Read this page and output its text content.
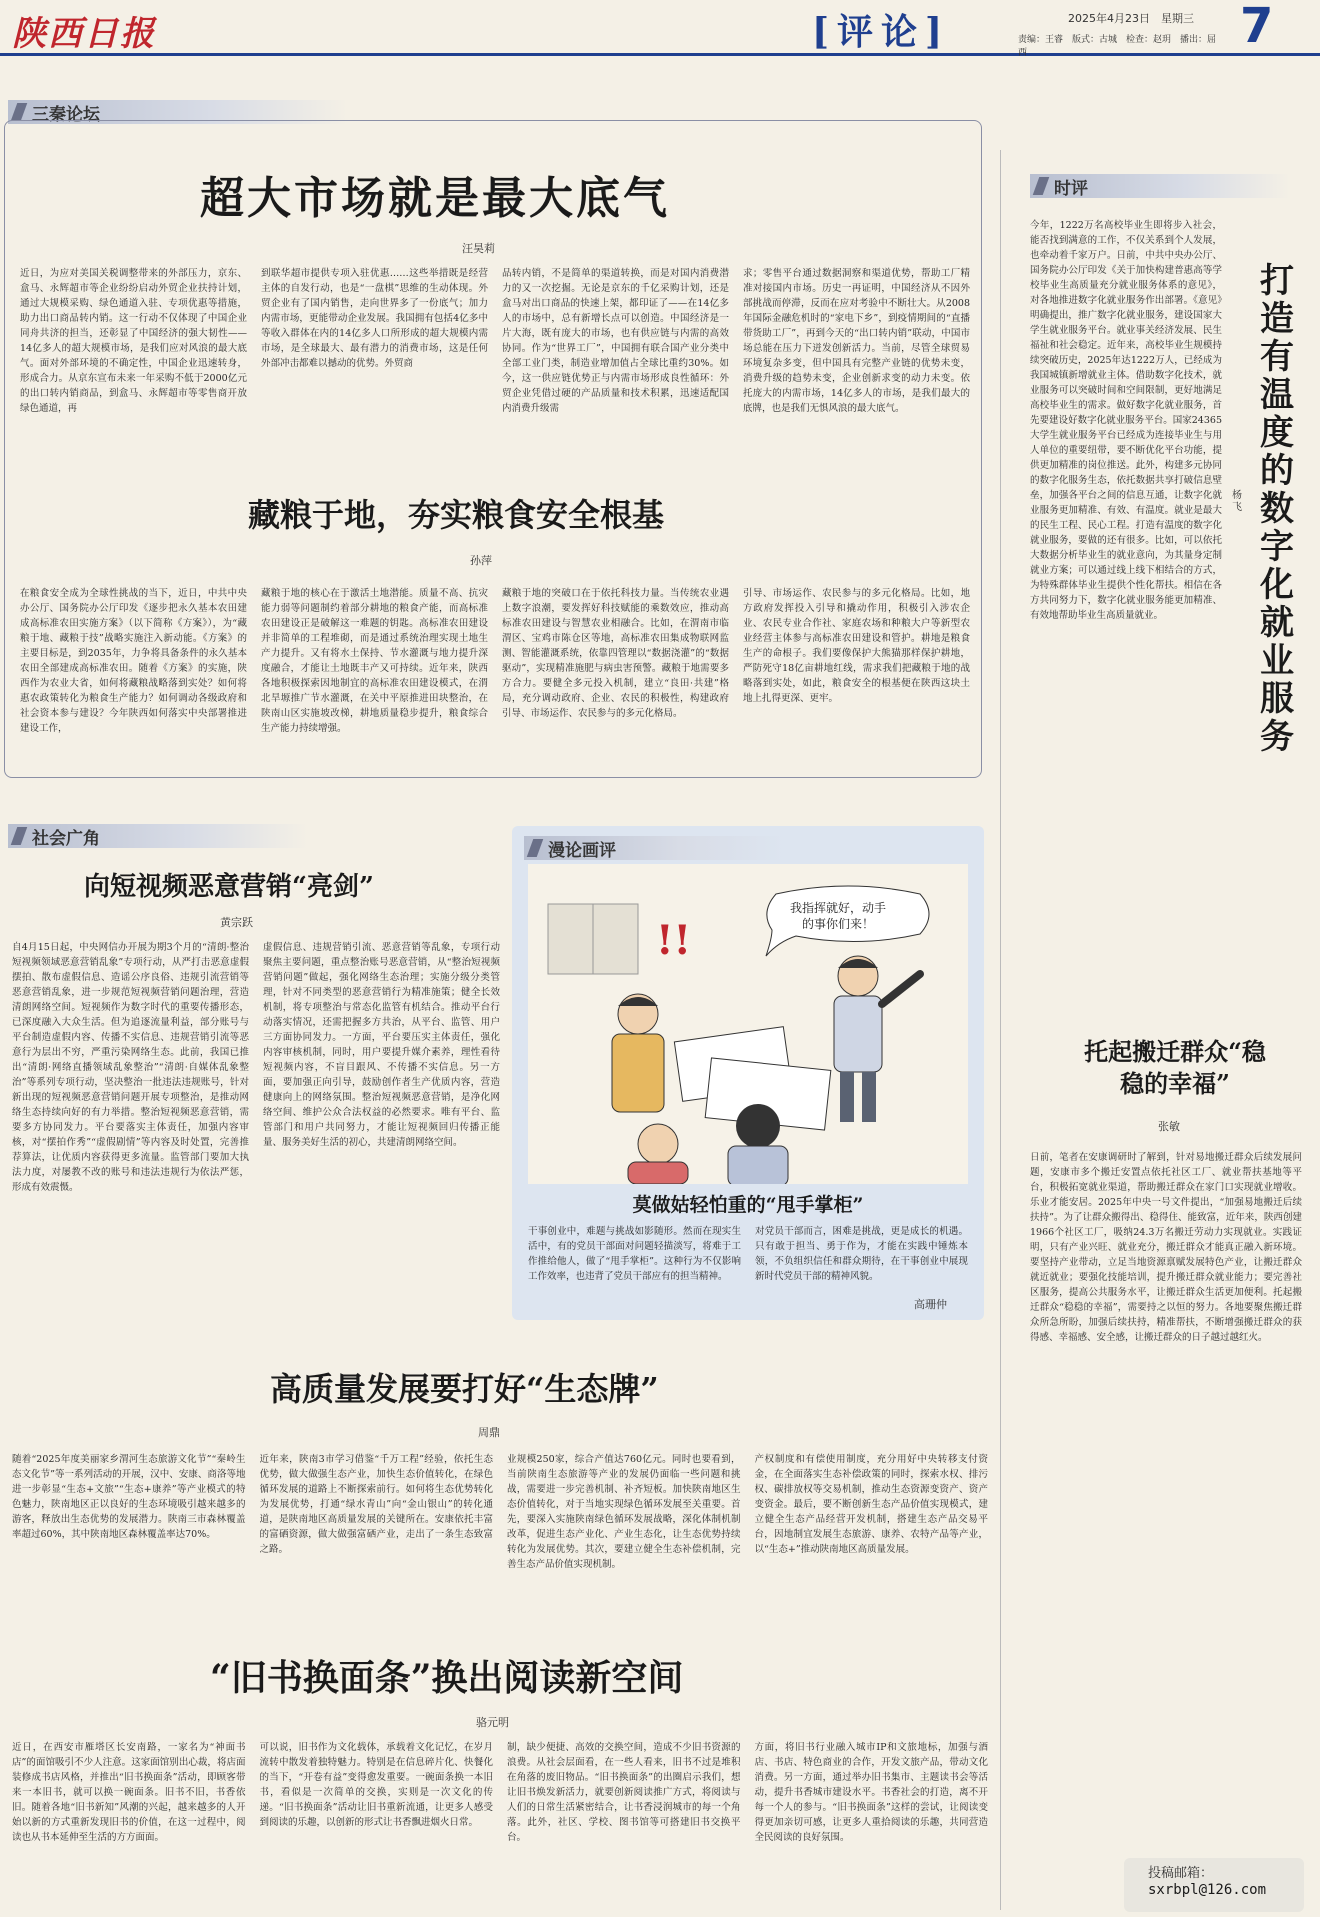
陕西日报	[评论]	2025年4月23日　星期三
责编：王睿　版式：古城　检查：赵玥　播出：屈西	7
三秦论坛
超大市场就是最大底气
汪昊莉

近日，为应对美国关税调整带来的外部压力，京东、盒马、永辉超市等企业纷纷启动外贸企业扶持计划，通过大规模采购、绿色通道入驻、专项优惠等措施，助力出口商品转内销。这一行动不仅体现了中国企业同舟共济的担当，还彰显了中国经济的强大韧性——14亿多人的超大规模市场，是我们应对风浪的最大底气。面对外部环境的不确定性，中国企业迅速转身，形成合力。从京东宣布未来一年采购不低于2000亿元的出口转内销商品，到盒马、永辉超市等零售商开放绿色通道，再

到联华超市提供专项入驻优惠……这些举措既是经营主体的自发行动，也是“一盘棋”思维的生动体现。外贸企业有了国内销售，走向世界多了一份底气；加力内需市场，更能带动企业发展。我国拥有包括4亿多中等收入群体在内的14亿多人口所形成的超大规模内需市场，是全球最大、最有潜力的消费市场，这是任何外部冲击都难以撼动的优势。外贸商

品转内销，不是简单的渠道转换，而是对国内消费潜力的又一次挖掘。无论是京东的千亿采购计划，还是盒马对出口商品的快速上架，都印证了——在14亿多人的市场中，总有新增长点可以创造。中国经济是一片大海，既有庞大的市场，也有供应链与内需的高效协同。作为“世界工厂”，中国拥有联合国产业分类中全部工业门类，制造业增加值占全球比重约30%。如今，这一供应链优势正与内需市场形成良性循环：外贸企业凭借过硬的产品质量和技术积累，迅速适配国内消费升级需

求；零售平台通过数据洞察和渠道优势，帮助工厂精准对接国内市场。历史一再证明，中国经济从不因外部挑战而停滞，反而在应对考验中不断壮大。从2008年国际金融危机时的“家电下乡”，到疫情期间的“直播带货助工厂”，再到今天的“出口转内销”联动，中国市场总能在压力下迸发创新活力。当前，尽管全球贸易环境复杂多变，但中国具有完整产业链的优势未变，消费升级的趋势未变，企业创新求变的动力未变。依托庞大的内需市场，14亿多人的市场，是我们最大的底牌，也是我们无惧风浪的最大底气。

藏粮于地，夯实粮食安全根基
孙萍

在粮食安全成为全球性挑战的当下，近日，中共中央办公厅、国务院办公厅印发《逐步把永久基本农田建成高标准农田实施方案》（以下简称《方案》），为“藏粮于地、藏粮于技”战略实施注入新动能。《方案》的主要目标是，到2035年，力争将具备条件的永久基本农田全部建成高标准农田。随着《方案》的实施，陕西作为农业大省，如何将藏粮战略落到实处？如何将惠农政策转化为粮食生产能力？如何调动各级政府和社会资本参与建设？今年陕西如何落实中央部署推进建设工作，

藏粮于地的核心在于激活土地潜能。质量不高、抗灾能力弱等问题制约着部分耕地的粮食产能，而高标准农田建设正是破解这一难题的钥匙。高标准农田建设并非简单的工程堆砌，而是通过系统治理实现土地生产力提升。又有将水土保持、节水灌溉与地力提升深度融合，才能让土地既丰产又可持续。近年来，陕西各地积极探索因地制宜的高标准农田建设模式，在渭北旱塬推广节水灌溉，在关中平原推进田块整治，在陕南山区实施坡改梯，耕地质量稳步提升，粮食综合生产能力持续增强。

藏粮于地的突破口在于依托科技力量。当传统农业遇上数字浪潮，要发挥好科技赋能的乘数效应，推动高标准农田建设与智慧农业相融合。比如，在渭南市临渭区、宝鸡市陈仓区等地，高标准农田集成物联网监测、智能灌溉系统，依靠四管理以“数据浇灌”的“数据驱动”，实现精准施肥与病虫害预警。藏粮于地需要多方合力。要健全多元投入机制，建立“良田·共建”格局，充分调动政府、企业、农民的积极性，构建政府引导、市场运作、农民参与的多元化格局。

引导、市场运作、农民参与的多元化格局。比如，地方政府发挥投入引导和撬动作用，积极引入涉农企业、农民专业合作社、家庭农场和种粮大户等新型农业经营主体参与高标准农田建设和管护。耕地是粮食生产的命根子。我们要像保护大熊猫那样保护耕地，严防死守18亿亩耕地红线，需求我们把藏粮于地的战略落到实处，如此，粮食安全的根基便在陕西这块土地上扎得更深、更牢。

时评
打造有温度的数字化就业服务
杨飞

今年，1222万名高校毕业生即将步入社会，能否找到满意的工作，不仅关系到个人发展，也牵动着千家万户。日前，中共中央办公厅、国务院办公厅印发《关于加快构建普惠高等学校毕业生高质量充分就业服务体系的意见》，对各地推进数字化就业服务作出部署。《意见》明确提出，推广数字化就业服务，建设国家大学生就业服务平台。就业事关经济发展、民生福祉和社会稳定。近年来，高校毕业生规模持续突破历史，2025年达1222万人，已经成为我国城镇新增就业主体。借助数字化技术，就业服务可以突破时间和空间限制，更好地满足高校毕业生的需求。做好数字化就业服务，首先要建设好数字化就业服务平台。国家24365大学生就业服务平台已经成为连接毕业生与用人单位的重要纽带，要不断优化平台功能，提供更加精准的岗位推送。此外，构建多元协同的数字化服务生态，依托数据共享打破信息壁垒，加强各平台之间的信息互通，让数字化就业服务更加精准、有效、有温度。就业是最大的民生工程、民心工程。打造有温度的数字化就业服务，要做的还有很多。比如，可以依托大数据分析毕业生的就业意向，为其量身定制就业方案；可以通过线上线下相结合的方式，为特殊群体毕业生提供个性化帮扶。相信在各方共同努力下，数字化就业服务能更加精准、有效地帮助毕业生高质量就业。

托起搬迁群众“稳稳的幸福”
张敏

日前，笔者在安康调研时了解到，针对易地搬迁群众后续发展问题，安康市多个搬迁安置点依托社区工厂、就业帮扶基地等平台，积极拓宽就业渠道，帮助搬迁群众在家门口实现就业增收。乐业才能安居。2025年中央一号文件提出，“加强易地搬迁后续扶持”。为了让群众搬得出、稳得住、能致富，近年来，陕西创建1966个社区工厂，吸纳24.3万名搬迁劳动力实现就业。实践证明，只有产业兴旺、就业充分，搬迁群众才能真正融入新环境。要坚持产业带动，立足当地资源禀赋发展特色产业，让搬迁群众就近就业；要强化技能培训，提升搬迁群众就业能力；要完善社区服务，提高公共服务水平，让搬迁群众生活更加便利。托起搬迁群众“稳稳的幸福”，需要持之以恒的努力。各地要聚焦搬迁群众所急所盼，加强后续扶持，精准帮扶，不断增强搬迁群众的获得感、幸福感、安全感，让搬迁群众的日子越过越红火。

投稿邮箱：
sxrbpl@126.com
社会广角
向短视频恶意营销“亮剑”
黄宗跃

自4月15日起，中央网信办开展为期3个月的“清朗·整治短视频领域恶意营销乱象”专项行动，从严打击恶意虚假摆拍、散布虚假信息、造谣公序良俗、违规引流营销等恶意营销乱象，进一步规范短视频营销问题治理，营造清朗网络空间。短视频作为数字时代的重要传播形态，已深度融入大众生活。但为追逐流量利益，部分账号与平台制造虚假内容、传播不实信息、违规营销引流等恶意行为层出不穷，严重污染网络生态。此前，我国已推出“清朗·网络直播领域乱象整治”“清朗·自媒体乱象整治”等系列专项行动，坚决整治一批违法违规账号，针对新出现的短视频恶意营销问题开展专项整治，是推动网络生态持续向好的有力举措。整治短视频恶意营销，需要多方协同发力。平台要落实主体责任，加强内容审核，对“摆拍作秀”“虚假剧情”等内容及时处置，完善推荐算法，让优质内容获得更多流量。监管部门要加大执法力度，对屡教不改的账号和违法违规行为依法严惩，形成有效震慑。

虚假信息、违规营销引流、恶意营销等乱象，专项行动聚焦主要问题，重点整治账号恶意营销，从“整治短视频营销问题”做起，强化网络生态治理；实施分级分类管理，针对不同类型的恶意营销行为精准施策；健全长效机制，将专项整治与常态化监管有机结合。推动平台行动落实情况，还需把握多方共治，从平台、监管、用户三方面协同发力。一方面，平台要压实主体责任，强化内容审核机制，同时，用户要提升媒介素养，理性看待短视频内容，不盲目跟风、不传播不实信息。另一方面，要加强正向引导，鼓励创作者生产优质内容，营造健康向上的网络氛围。整治短视频恶意营销，是净化网络空间、维护公众合法权益的必然要求。唯有平台、监管部门和用户共同努力，才能让短视频回归传播正能量、服务美好生活的初心，共建清朗网络空间。

漫论画评
我指挥就好，动手
的事你们来！
!!
莫做姑轻怕重的“甩手掌柜”

干事创业中，难题与挑战如影随形。然而在现实生活中，有的党员干部面对问题轻描淡写，将难于工作推给他人，做了“甩手掌柜”。这种行为不仅影响工作效率，也违背了党员干部应有的担当精神。

对党员干部而言，困难是挑战，更是成长的机遇。只有敢于担当、勇于作为，才能在实践中锤炼本领，不负组织信任和群众期待，在干事创业中展现新时代党员干部的精神风貌。

高珊仲
高质量发展要打好“生态牌”
周鼎

随着“2025年度美丽家乡渭河生态旅游文化节”“秦岭生态文化节”等一系列活动的开展，汉中、安康、商洛等地进一步彰显“生态+文旅”“生态+康养”等产业模式的特色魅力，陕南地区正以良好的生态环境吸引越来越多的游客，释放出生态优势的发展潜力。陕南三市森林覆盖率超过60%，其中陕南地区森林覆盖率达70%。

近年来，陕南3市学习借鉴“千万工程”经验，依托生态优势，做大做强生态产业，加快生态价值转化，在绿色循环发展的道路上不断探索前行。如何将生态优势转化为发展优势，打通“绿水青山”向“金山银山”的转化通道，是陕南地区高质量发展的关键所在。安康依托丰富的富硒资源，做大做强富硒产业，走出了一条生态致富之路。

业规模250家，综合产值达760亿元。同时也要看到，当前陕南生态旅游等产业的发展仍面临一些问题和挑战，需要进一步完善机制、补齐短板。加快陕南地区生态价值转化，对于当地实现绿色循环发展至关重要。首先，要深入实施陕南绿色循环发展战略，深化体制机制改革，促进生态产业化、产业生态化，让生态优势持续转化为发展优势。其次，要建立健全生态补偿机制，完善生态产品价值实现机制。

产权制度和有偿使用制度，充分用好中央转移支付资金，在全面落实生态补偿政策的同时，探索水权、排污权、碳排放权等交易机制，推动生态资源变资产、资产变资金。最后，要不断创新生态产品价值实现模式，建立健全生态产品经营开发机制，搭建生态产品交易平台，因地制宜发展生态旅游、康养、农特产品等产业，以“生态+”推动陕南地区高质量发展。

“旧书换面条”换出阅读新空间
骆元明

近日，在西安市雁塔区长安南路，一家名为“神面书店”的面馆吸引不少人注意。这家面馆别出心裁，将店面装修成书店风格，并推出“旧书换面条”活动，即顾客带来一本旧书，就可以换一碗面条。旧书不旧，书香依旧。随着各地“旧书新知”风潮的兴起，越来越多的人开始以新的方式重新发现旧书的价值，在这一过程中，阅读也从书本延伸至生活的方方面面。

可以说，旧书作为文化载体，承载着文化记忆，在岁月流转中散发着独特魅力。特别是在信息碎片化、快餐化的当下，“开卷有益”变得愈发重要。一碗面条换一本旧书，看似是一次简单的交换，实则是一次文化的传递。“旧书换面条”活动让旧书重新流通，让更多人感受到阅读的乐趣，以创新的形式让书香飘进烟火日常。

制，缺少便捷、高效的交换空间，造成不少旧书资源的浪费。从社会层面看，在一些人看来，旧书不过是堆积在角落的废旧物品。“旧书换面条”的出圈启示我们，想让旧书焕发新活力，就要创新阅读推广方式，将阅读与人们的日常生活紧密结合，让书香浸润城市的每一个角落。此外，社区、学校、图书馆等可搭建旧书交换平台。

方面，将旧书行业融入城市IP和文旅地标，加强与酒店、书店、特色商业的合作，开发文旅产品，带动文化消费。另一方面，通过举办旧书集市、主题读书会等活动，提升书香城市建设水平。书香社会的打造，离不开每一个人的参与。“旧书换面条”这样的尝试，让阅读变得更加亲切可感，让更多人重拾阅读的乐趣，共同营造全民阅读的良好氛围。
